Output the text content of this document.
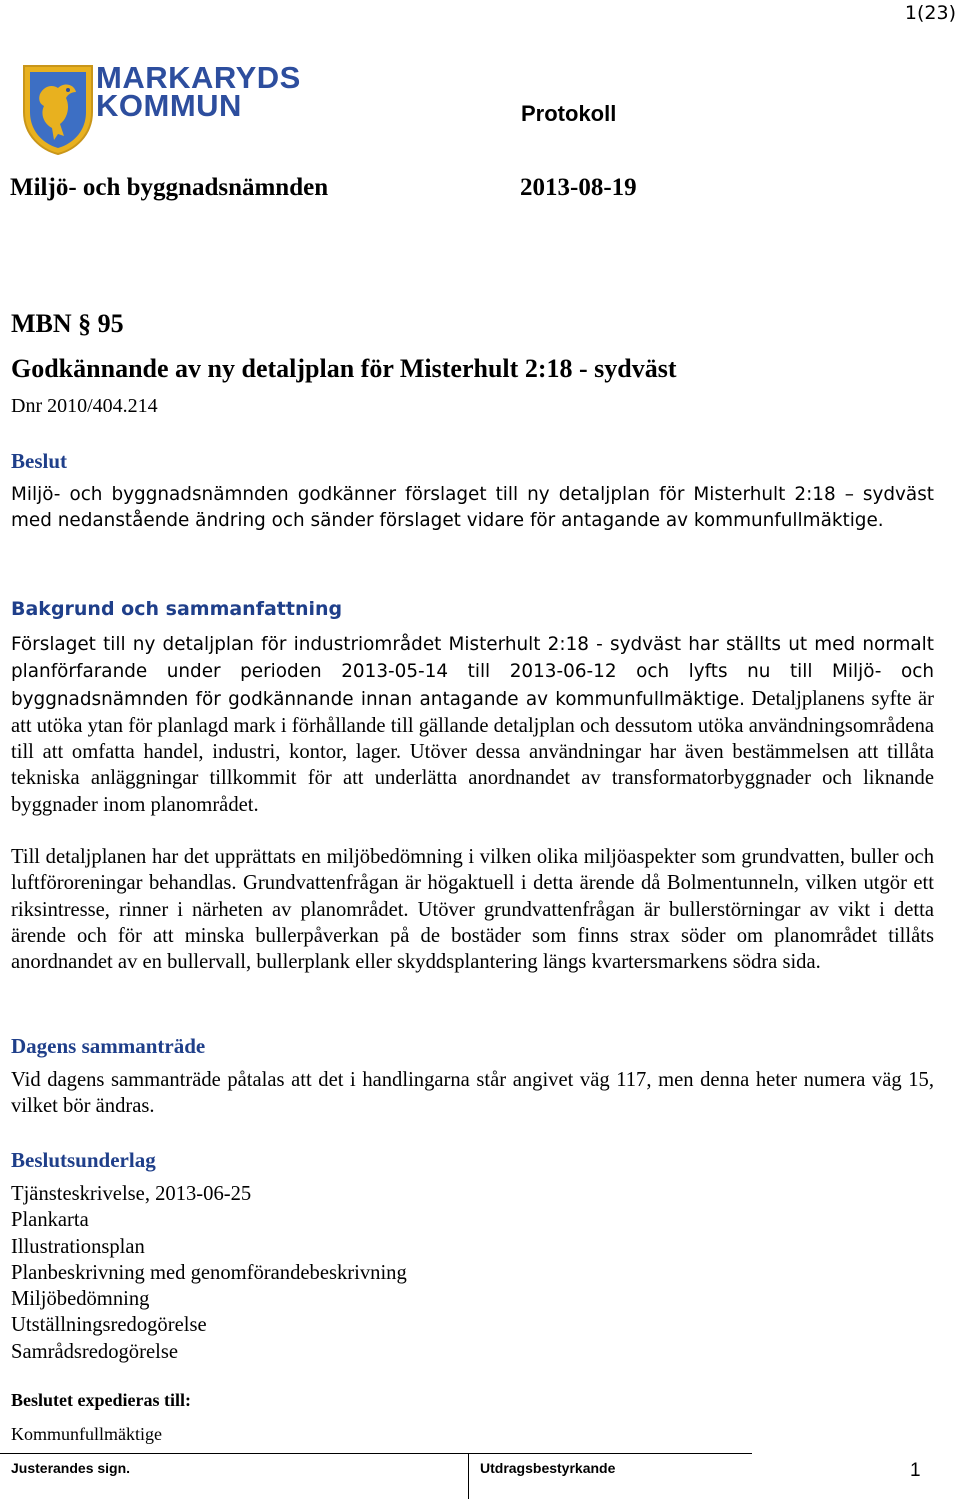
1(23)
MARKARYDS
KOMMUN	Protokoll
Miljö- och byggnadsnämnden	2013-08-19
MBN § 95
Godkännande av ny detaljplan för Misterhult 2:18 - sydväst
Dnr 2010/404.214
Beslut

Miljö- och byggnadsnämnden godkänner förslaget till ny detaljplan för Misterhult 2:18 – sydväst med nedanstående ändring och sänder förslaget vidare för antagande av kommunfullmäktige.

Bakgrund och sammanfattning

Förslaget till ny detaljplan för industriområdet Misterhult 2:18 - sydväst har ställts ut med normalt planförfarande under perioden 2013-05-14 till 2013-06-12 och lyfts nu till Miljö- och byggnadsnämnden för godkännande innan antagande av kommunfullmäktige. Detaljplanens syfte är att utöka ytan för planlagd mark i förhållande till gällande detaljplan och dessutom utöka användningsområdena till att omfatta handel, industri, kontor, lager. Utöver dessa användningar har även bestämmelsen att tillåta tekniska anläggningar tillkommit för att underlätta anordnandet av transformatorbyggnader och liknande byggnader inom planområdet.

Till detaljplanen har det upprättats en miljöbedömning i vilken olika miljöaspekter som grundvatten, buller och luftföroreningar behandlas. Grundvattenfrågan är högaktuell i detta ärende då Bolmentunneln, vilken utgör ett riksintresse, rinner i närheten av planområdet. Utöver grundvattenfrågan är bullerstörningar av vikt i detta ärende och för att minska bullerpåverkan på de bostäder som finns strax söder om planområdet tillåts anordnandet av en bullervall, bullerplank eller skyddsplantering längs kvartersmarkens södra sida.

Dagens sammanträde

Vid dagens sammanträde påtalas att det i handlingarna står angivet väg 117, men denna heter numera väg 15, vilket bör ändras.

Beslutsunderlag
Tjänsteskrivelse, 2013-06-25
Plankarta
Illustrationsplan
Planbeskrivning med genomförandebeskrivning
Miljöbedömning
Utställningsredogörelse
Samrådsredogörelse
Beslutet expedieras till:
Kommunfullmäktige
Justerandes sign.	Utdragsbestyrkande	1
